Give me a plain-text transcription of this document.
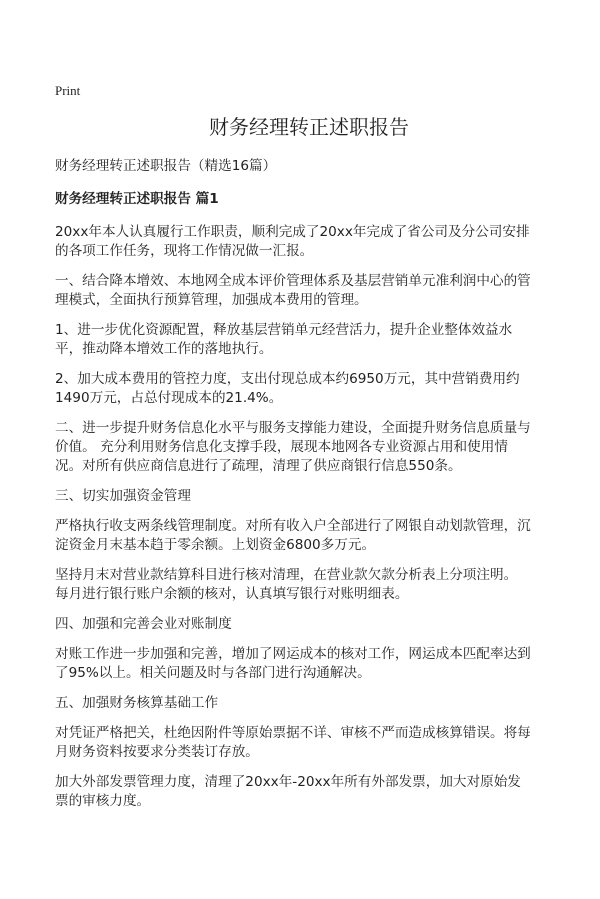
Print
财务经理转正述职报告

财务经理转正述职报告（精选16篇）

财务经理转正述职报告 篇1

20xx年本人认真履行工作职责，顺利完成了20xx年完成了省公司及分公司安排的各项工作任务，现将工作情况做一汇报。

一、结合降本增效、本地网全成本评价管理体系及基层营销单元准利润中心的管理模式，全面执行预算管理，加强成本费用的管理。

1、进一步优化资源配置，释放基层营销单元经营活力，提升企业整体效益水平，推动降本增效工作的落地执行。

2、加大成本费用的管控力度，支出付现总成本约6950万元，其中营销费用约1490万元，占总付现成本的21.4%。

二、进一步提升财务信息化水平与服务支撑能力建设，全面提升财务信息质量与价值。 充分利用财务信息化支撑手段，展现本地网各专业资源占用和使用情况。对所有供应商信息进行了疏理，清理了供应商银行信息550条。

三、切实加强资金管理

严格执行收支两条线管理制度。对所有收入户全部进行了网银自动划款管理，沉淀资金月末基本趋于零余额。上划资金6800多万元。

坚持月末对营业款结算科目进行核对清理，在营业款欠款分析表上分项注明。 每月进行银行账户余额的核对，认真填写银行对账明细表。

四、加强和完善会业对账制度

对账工作进一步加强和完善，增加了网运成本的核对工作，网运成本匹配率达到了95%以上。相关问题及时与各部门进行沟通解决。

五、加强财务核算基础工作

对凭证严格把关，杜绝因附件等原始票据不详、审核不严而造成核算错误。将每月财务资料按要求分类装订存放。

加大外部发票管理力度，清理了20xx年-20xx年所有外部发票，加大对原始发票的审核力度。
